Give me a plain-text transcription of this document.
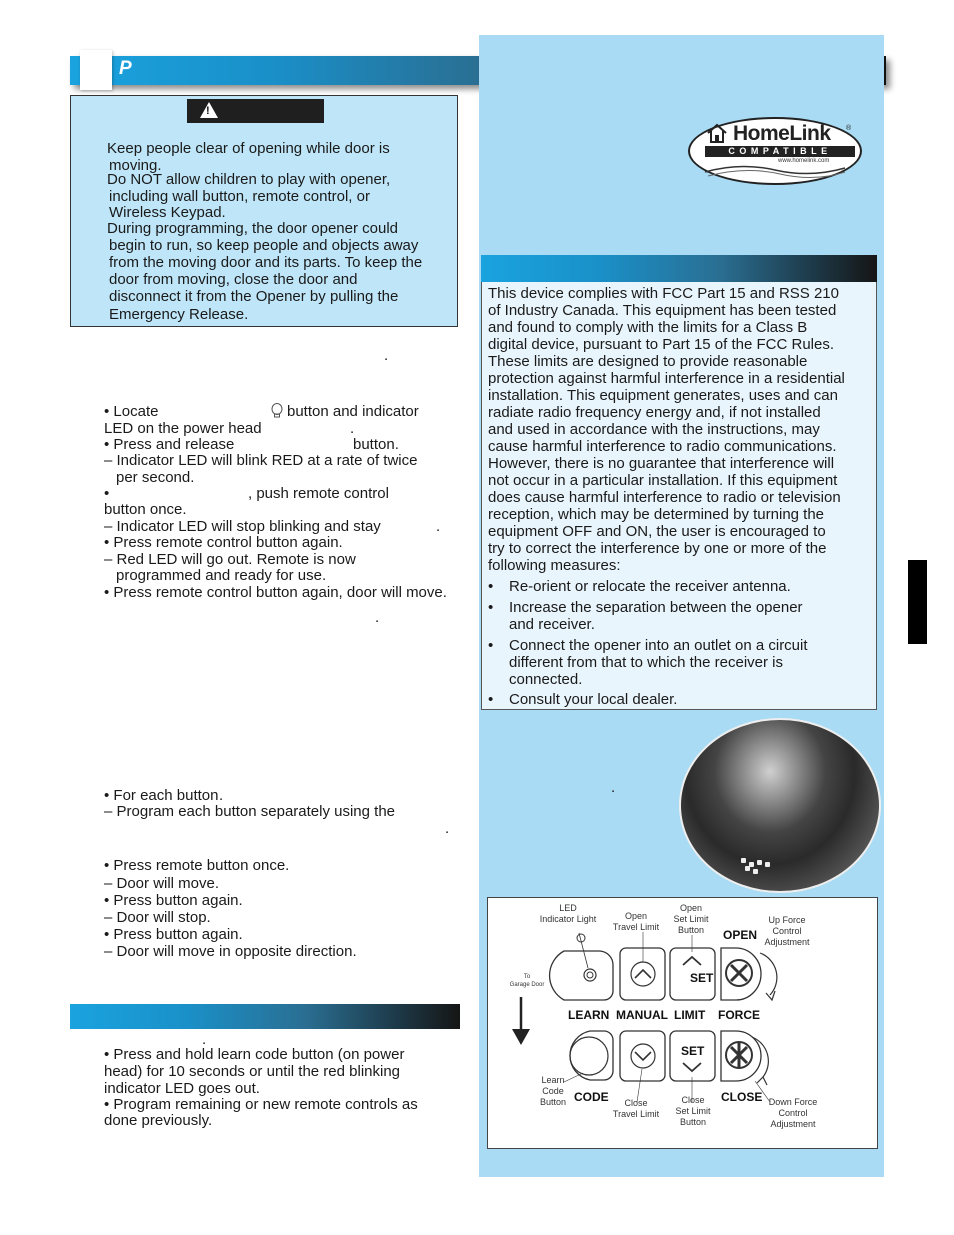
P
!
Keep people clear of opening while door is
moving.
Do NOT allow children to play with opener,
including wall button, remote control, or
Wireless Keypad.
During programming, the door opener could
begin to run, so keep people and objects away
from the moving door and its parts. To keep the
door from moving, close the door and
disconnect it from the Opener by pulling the
Emergency Release.
.
• Locate	button and indicator
LED on the power head	.
• Press and release	button.
– Indicator LED will blink RED at a rate of twice
per second.
•	, push remote control
button once.
– Indicator LED will stop blinking and stay	.
• Press remote control button again.
– Red LED will go out. Remote is now
programmed and ready for use.
• Press remote control button again, door will move.
.
• For each button .
– Program each button separately using the
.
• Press remote button once.
– Door will move.
• Press button again.
– Door will stop.
• Press button again.
– Door will move in opposite direction.
.
• Press and hold learn code button (on power
head) for 10 seconds or until the red blinking
indicator LED goes out.
• Program remaining or new remote controls as
done previously.
HomeLink ®
COMPATIBLE
www.homelink.com
This device complies with FCC Part 15 and RSS 210
of Industry Canada. This equipment has been tested
and found to comply with the limits for a Class B
digital device, pursuant to Part 15 of the FCC Rules.
These limits are designed to provide reasonable
protection against harmful interference in a residential
installation. This equipment generates, uses and can
radiate radio frequency energy and, if not installed
and used in accordance with the instructions, may
cause harmful interference to radio communications.
However, there is no guarantee that interference will
not occur in a particular installation. If this equipment
does cause harmful interference to radio or television
reception, which may be determined by turning the
equipment OFF and ON, the user is encouraged to
try to correct the interference by one or more of the
following measures:
• Re-orient or relocate the receiver antenna.
• Increase the separation between the opener
and receiver.
• Connect the opener into an outlet on a circuit
different from that to which the receiver is
connected.
• Consult your local dealer.
.
LED
Indicator Light	Open
Travel Limit
Open
Set Limit
Button	OPEN
Up Force
Control
Adjustment
To
Garage Door	SET
LEARN MANUAL LIMIT FORCE
SET
Learn
Code
Button CODE	Close
Travel Limit
Close
Set Limit
Button
CLOSE Down Force
Control
Adjustment
